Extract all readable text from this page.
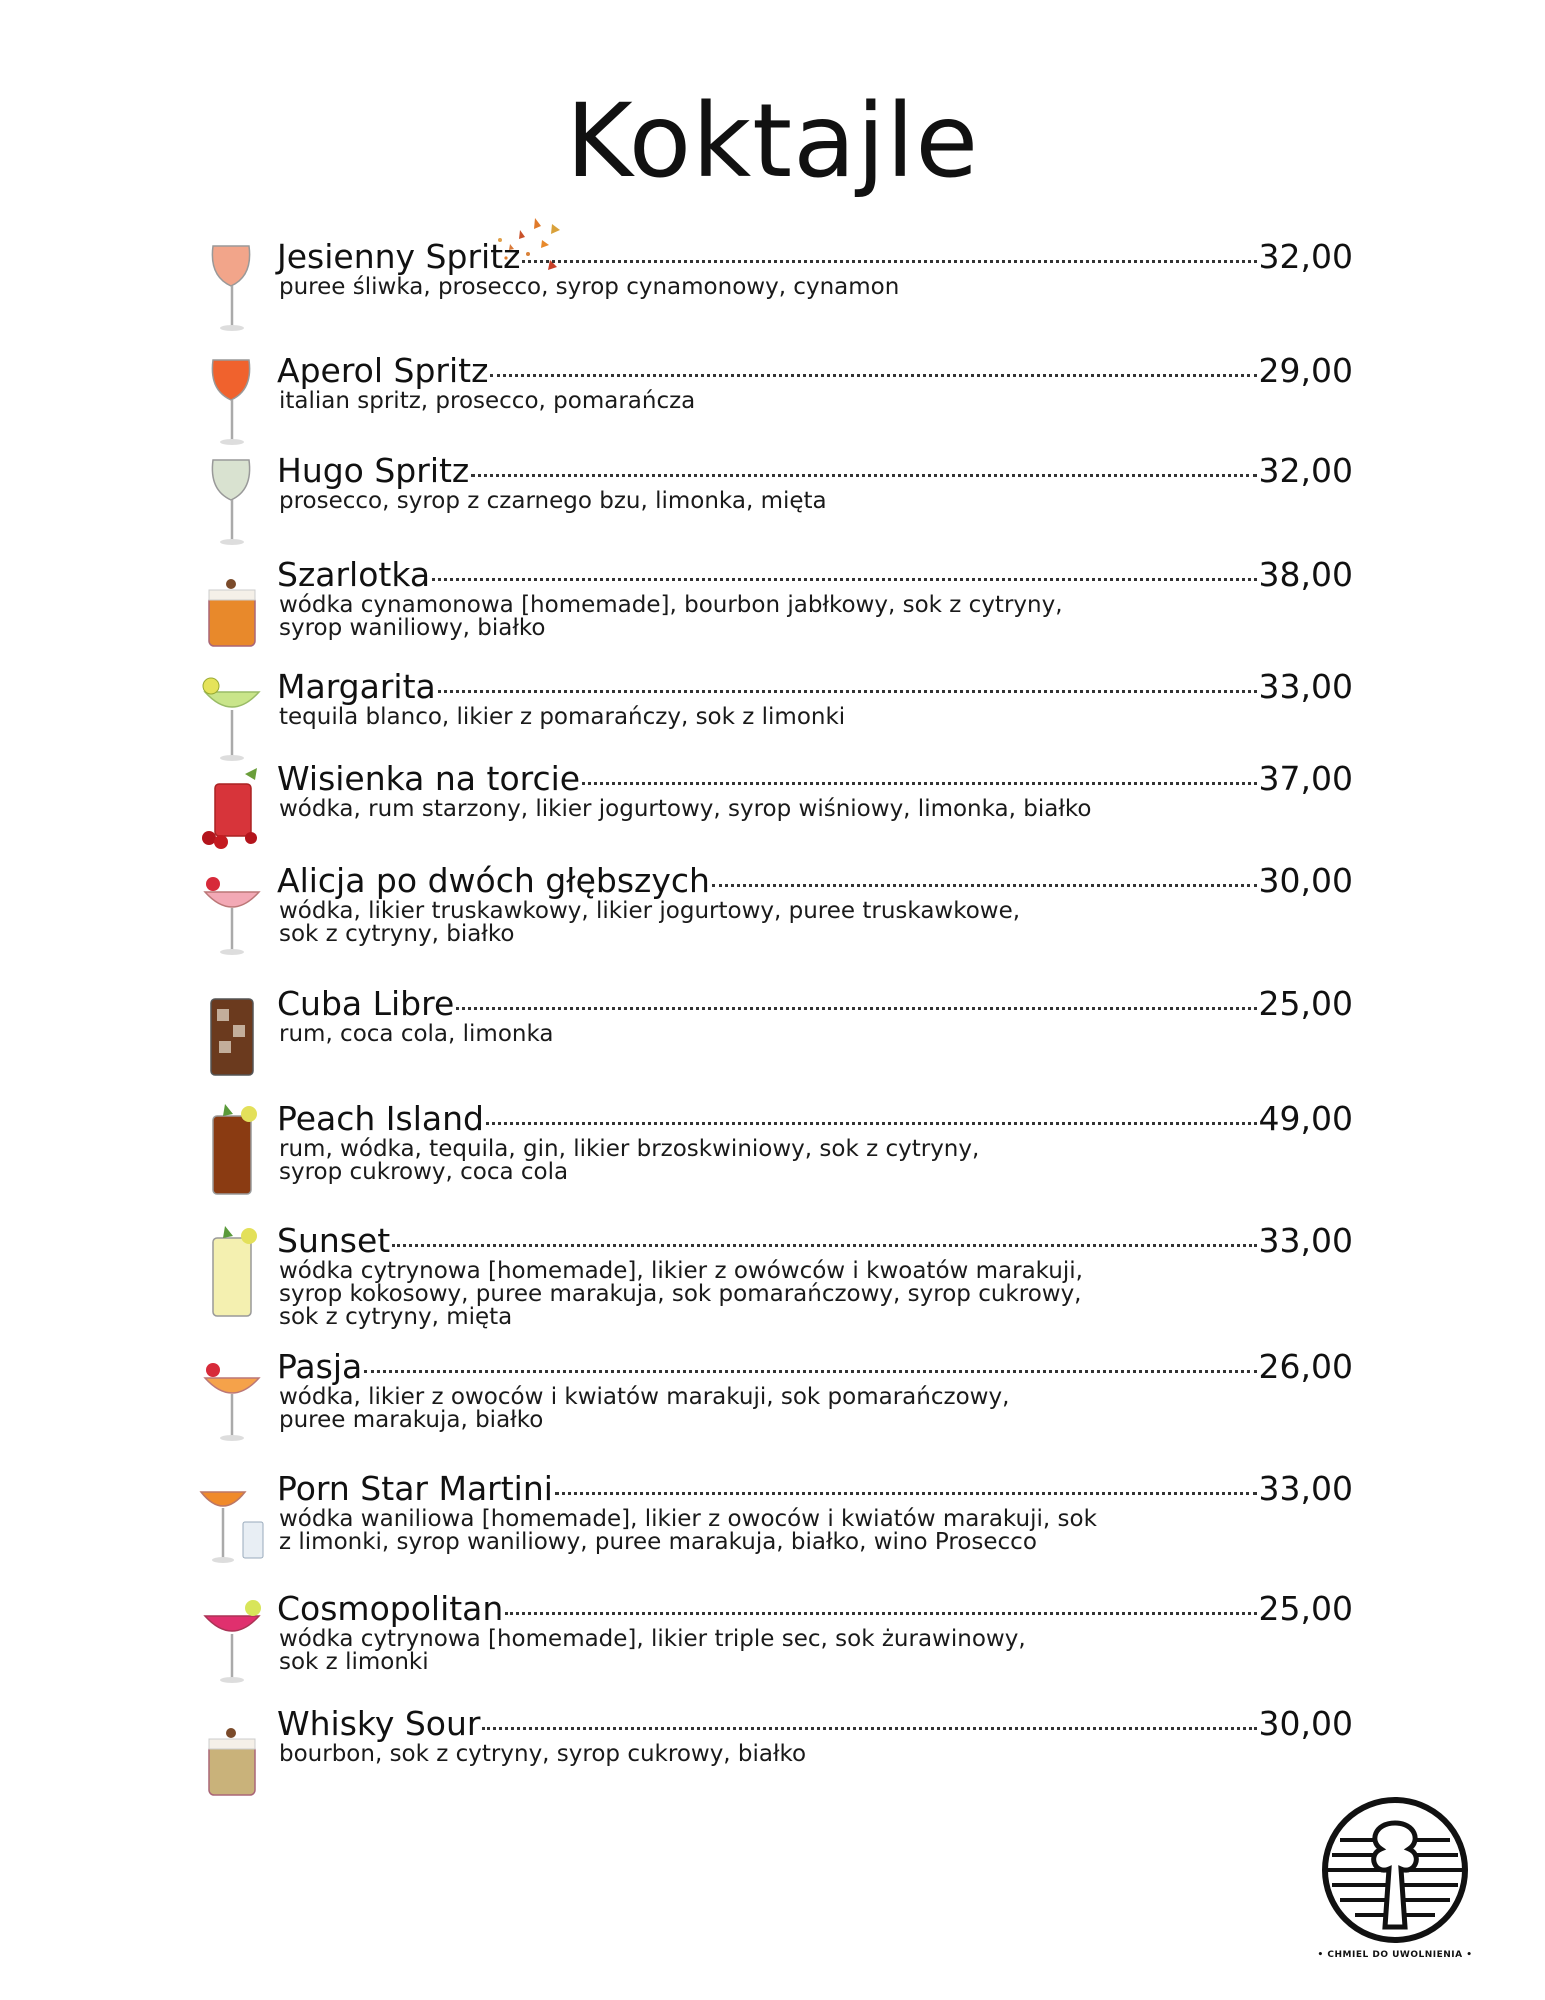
Koktajle
Jesienny Spritz	32,00
puree śliwka, prosecco, syrop cynamonowy, cynamon
Aperol Spritz	29,00
italian spritz, prosecco, pomarańcza
Hugo Spritz	32,00
prosecco, syrop z czarnego bzu, limonka, mięta
Szarlotka	38,00
wódka cynamonowa [homemade], bourbon jabłkowy, sok z cytryny,
syrop waniliowy, białko
Margarita	33,00
tequila blanco, likier z pomarańczy, sok z limonki
Wisienka na torcie	37,00
wódka, rum starzony, likier jogurtowy, syrop wiśniowy, limonka, białko
Alicja po dwóch głębszych	30,00
wódka, likier truskawkowy, likier jogurtowy, puree truskawkowe,
sok z cytryny, białko
Cuba Libre	25,00
rum, coca cola, limonka
Peach Island	49,00
rum, wódka, tequila, gin, likier brzoskwiniowy, sok z cytryny,
syrop cukrowy, coca cola
Sunset	33,00
wódka cytrynowa [homemade], likier z owówców i kwoatów marakuji,
syrop kokosowy, puree marakuja, sok pomarańczowy, syrop cukrowy,
sok z cytryny, mięta
Pasja	26,00
wódka, likier z owoców i kwiatów marakuji, sok pomarańczowy,
puree marakuja, białko
Porn Star Martini	33,00
wódka waniliowa [homemade], likier z owoców i kwiatów marakuji, sok
z limonki, syrop waniliowy, puree marakuja, białko, wino Prosecco
Cosmopolitan	25,00
wódka cytrynowa [homemade], likier triple sec, sok żurawinowy,
sok z limonki
Whisky Sour	30,00
bourbon, sok z cytryny, syrop cukrowy, białko
• CHMIEL DO UWOLNIENIA •
